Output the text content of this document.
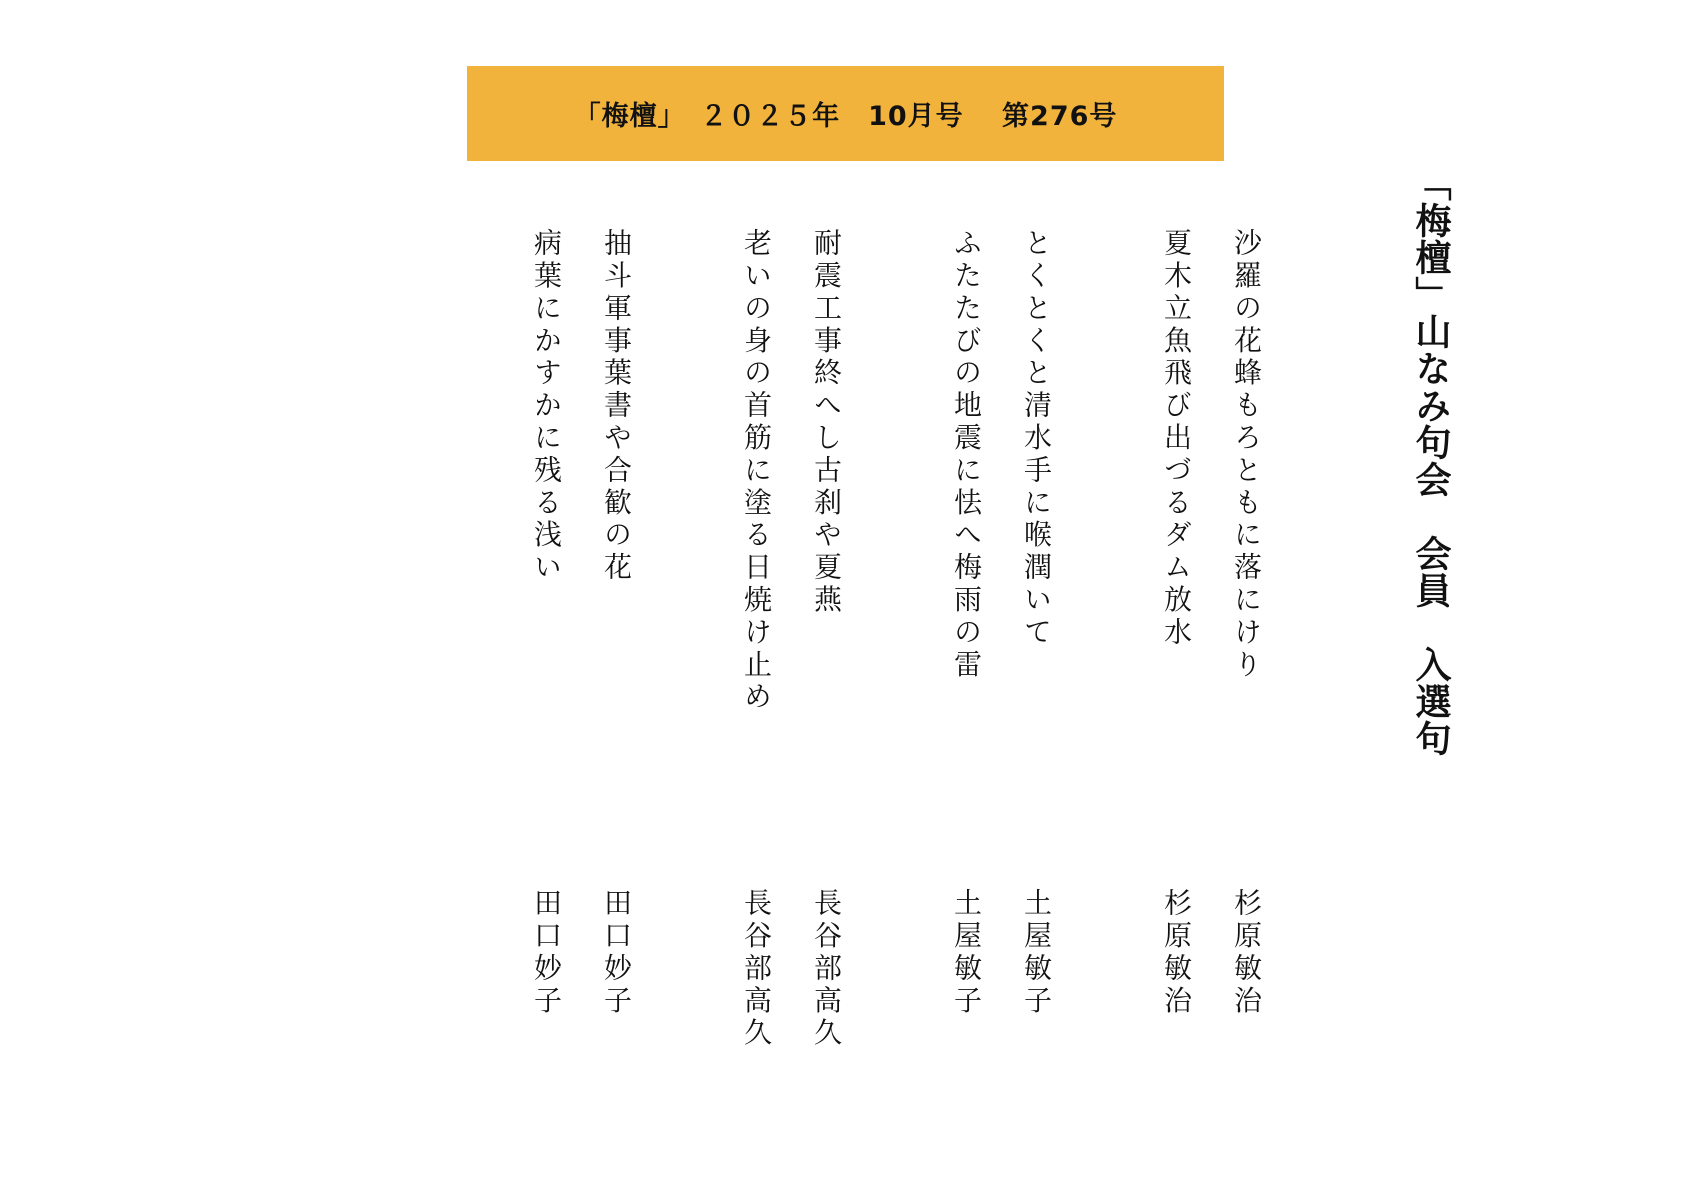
「梅檀」　２０２５年　10月号　 第276号
「梅檀」山なみ句会　会員　入選句
沙羅の花蜂もろともに落にけり
杉原敏治
夏木立魚飛び出づるダム放水
杉原敏治
とくとくと清水手に喉潤いて
土屋敏子
ふたたびの地震に怯へ梅雨の雷
土屋敏子
耐震工事終へし古刹や夏燕
長谷部高久
老いの身の首筋に塗る日焼け止め
長谷部高久
抽斗軍事葉書や合歓の花
田口妙子
病葉にかすかに残る浅い
田口妙子
